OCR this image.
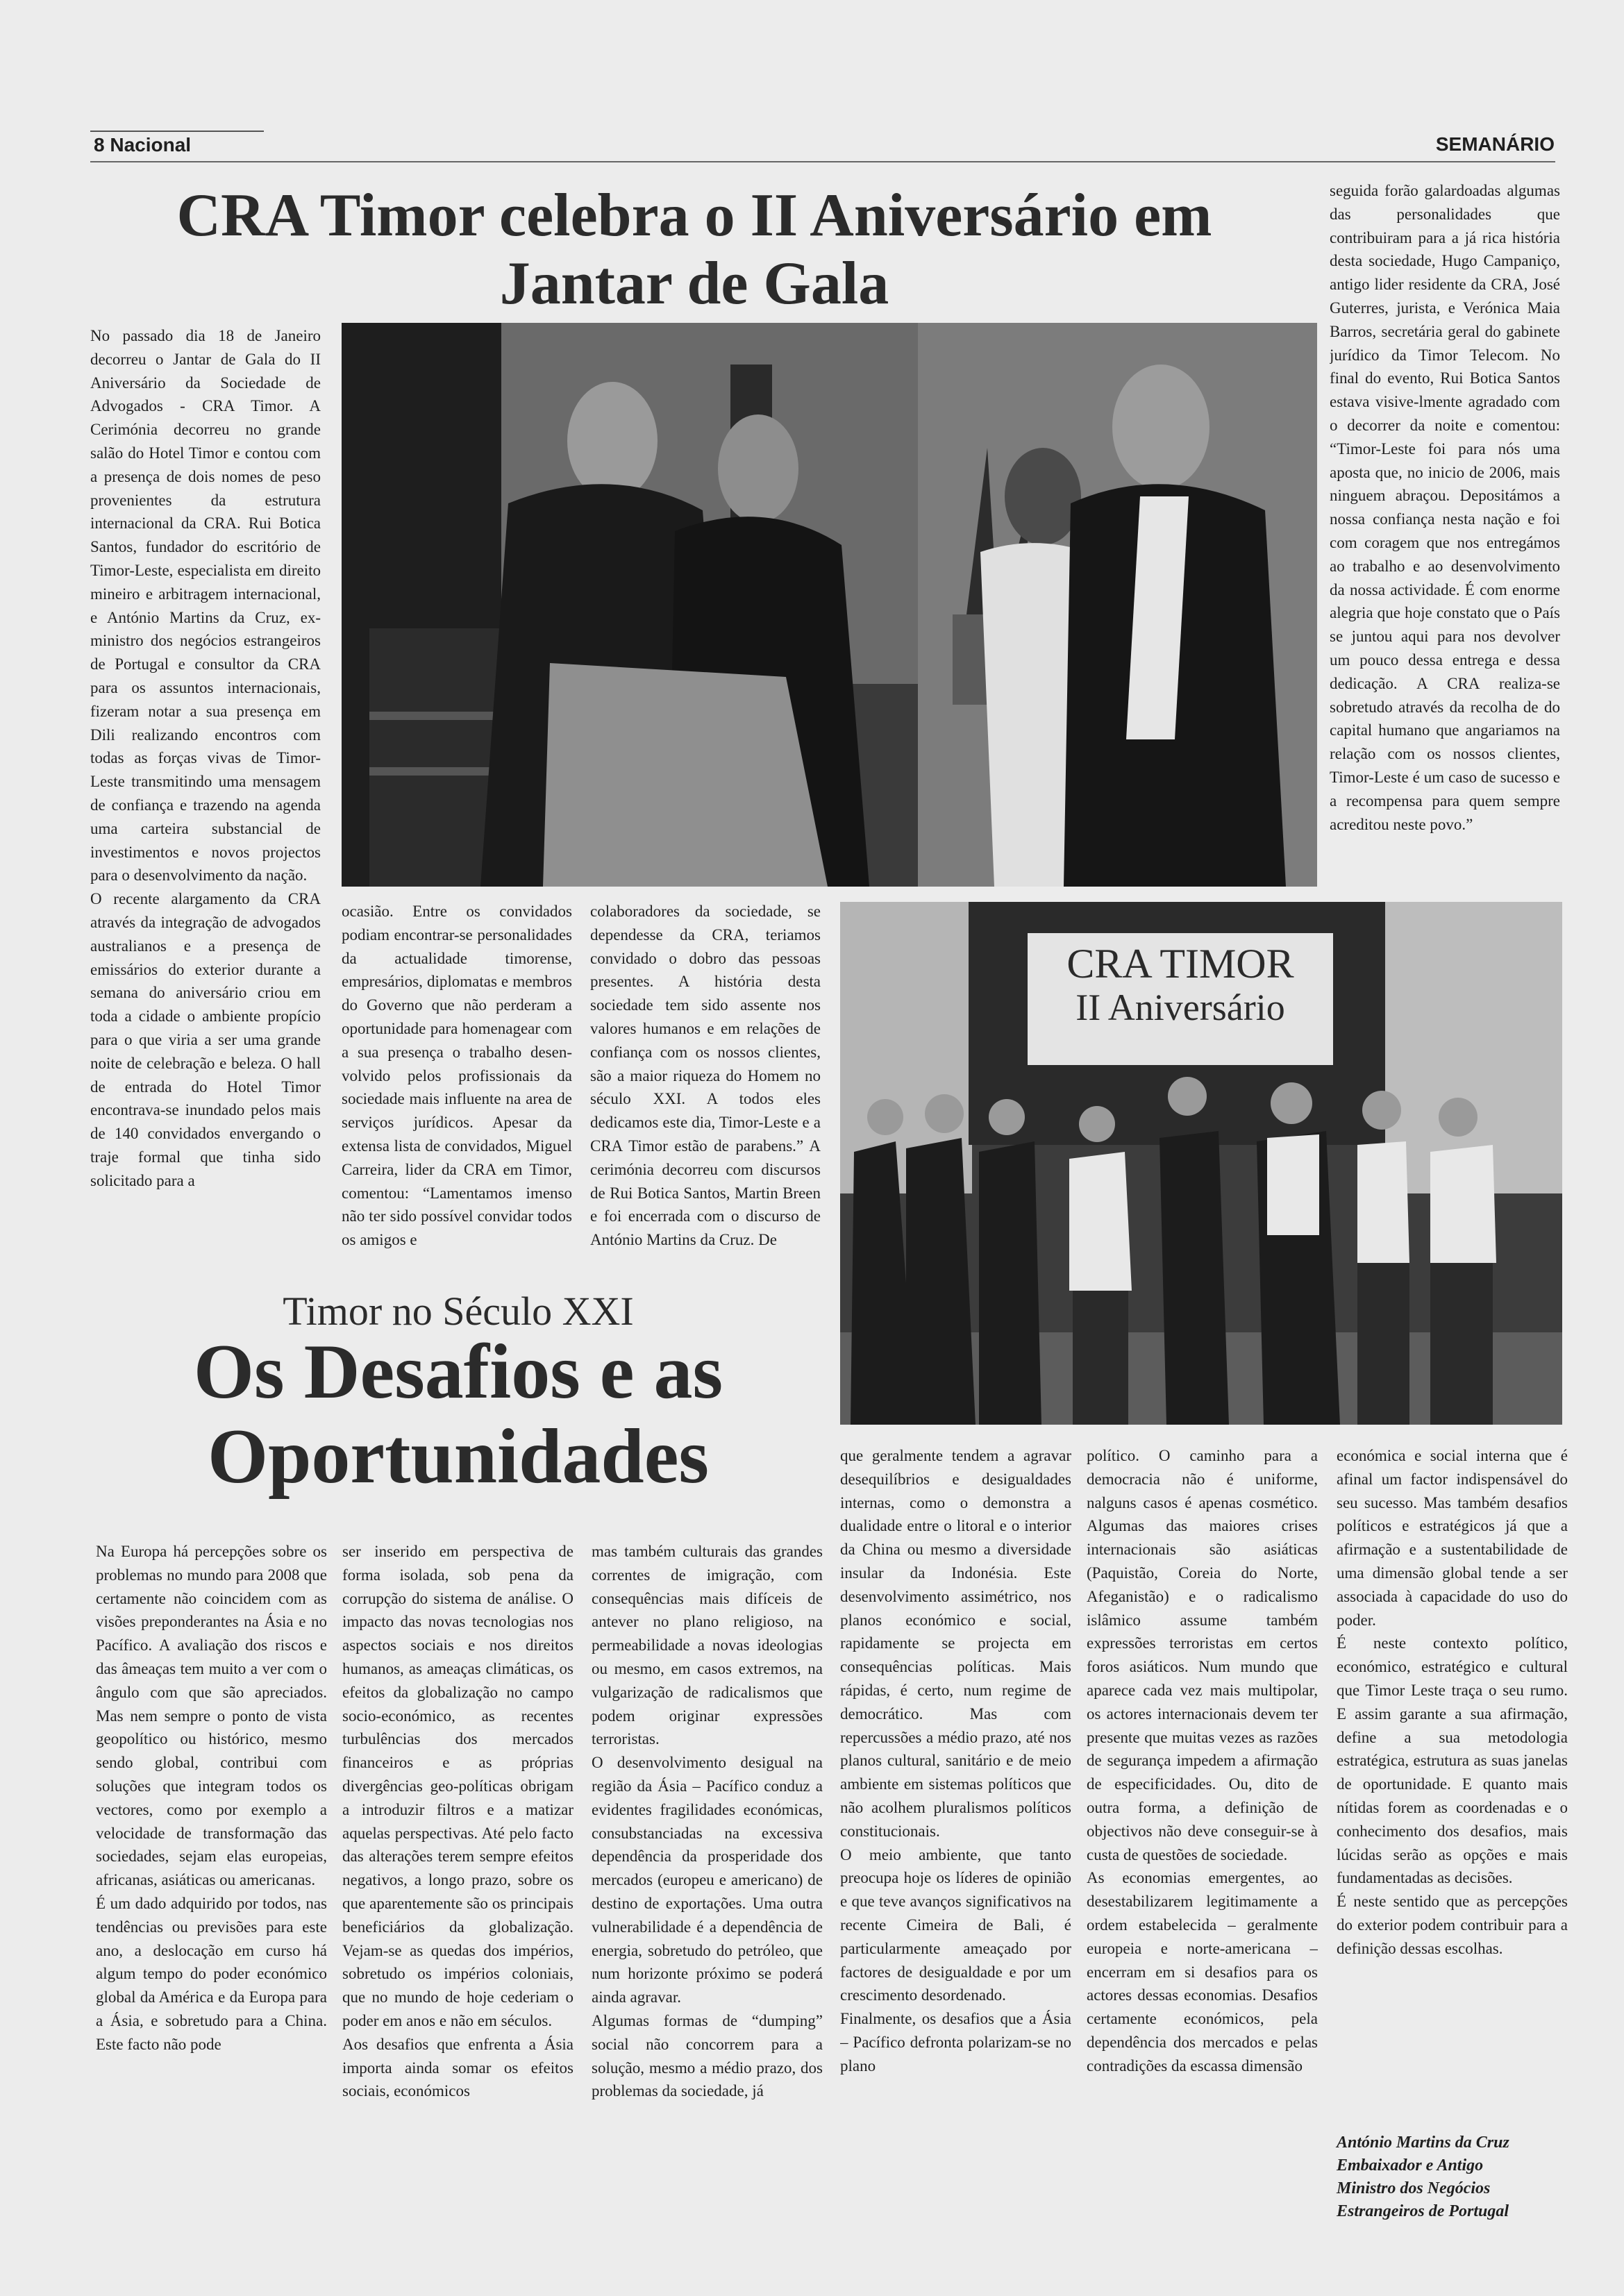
8 Nacional	SEMANÁRIO
CRA Timor celebra o II Aniversário em Jantar de Gala

No passado dia 18 de Janeiro decorreu o Jantar de Gala do II Aniversário da Sociedade de Advogados - CRA Timor. A Cerimónia decorreu no grande salão do Hotel Timor e contou com a presença de dois nomes de peso provenientes da estrutura internacional da CRA. Rui Botica Santos, fundador do escritório de Timor-Leste, especialista em direito mineiro e arbitragem internacional, e António Martins da Cruz, ex-ministro dos negócios estrangeiros de Portugal e consultor da CRA para os assuntos internacionais, fizeram notar a sua presença em Dili realizando encontros com todas as forças vivas de Timor-Leste transmitindo uma mensagem de confiança e trazendo na agenda uma carteira substancial de investimentos e novos projectos para o desenvolvimento da nação.

O recente alargamento da CRA através da integração de advogados australianos e a presença de emissários do exterior durante a semana do aniversário criou em toda a cidade o ambiente propício para o que viria a ser uma grande noite de celebração e beleza. O hall de entrada do Hotel Timor encontrava-se inundado pelos mais de 140 convidados envergando o traje formal que tinha sido solicitado para a

ocasião. Entre os convidados podiam encontrar-se personalidades da actualidade timorense, empresários, diplomatas e membros do Governo que não perderam a oportunidade para homenagear com a sua presença o trabalho desen-volvido pelos profissionais da sociedade mais influente na area de serviços jurídicos. Apesar da extensa lista de convidados, Miguel Carreira, lider da CRA em Timor, comentou: “Lamentamos imenso não ter sido possível convidar todos os amigos e

colaboradores da sociedade, se dependesse da CRA, teriamos convidado o dobro das pessoas presentes. A história desta sociedade tem sido assente nos valores humanos e em relações de confiança com os nossos clientes, são a maior riqueza do Homem no século XXI. A todos eles dedicamos este dia, Timor-Leste e a CRA Timor estão de parabens.” A cerimónia decorreu com discursos de Rui Botica Santos, Martin Breen e foi encerrada com o discurso de António Martins da Cruz. De

seguida forão galardoadas algumas das personalidades que contribuiram para a já rica história desta sociedade, Hugo Campaniço, antigo lider residente da CRA, José Guterres, jurista, e Verónica Maia Barros, secretária geral do gabinete jurídico da Timor Telecom. No final do evento, Rui Botica Santos estava visive-lmente agradado com o decorrer da noite e comentou: “Timor-Leste foi para nós uma aposta que, no inicio de 2006, mais ninguem abraçou. Depositámos a nossa confiança nesta nação e foi com coragem que nos entregámos ao trabalho e ao desenvolvimento da nossa actividade. É com enorme alegria que hoje constato que o País se juntou aqui para nos devolver um pouco dessa entrega e dessa dedicação. A CRA realiza-se sobretudo através da recolha de do capital humano que angariamos na relação com os nossos clientes, Timor-Leste é um caso de sucesso e a recompensa para quem sempre acreditou neste povo.”

CRA TIMOR
II Aniversário
Timor no Século XXI
Os Desafios e as Oportunidades

Na Europa há percepções sobre os problemas no mundo para 2008 que certamente não coincidem com as visões preponderantes na Ásia e no Pacífico. A avaliação dos riscos e das âmeaças tem muito a ver com o ângulo com que são apreciados. Mas nem sempre o ponto de vista geopolítico ou histórico, mesmo sendo global, contribui com soluções que integram todos os vectores, como por exemplo a velocidade de transformação das sociedades, sejam elas europeias, africanas, asiáticas ou americanas.

É um dado adquirido por todos, nas tendências ou previsões para este ano, a deslocação em curso há algum tempo do poder económico global da América e da Europa para a Ásia, e sobretudo para a China. Este facto não pode

ser inserido em perspectiva de forma isolada, sob pena da corrupção do sistema de análise. O impacto das novas tecnologias nos aspectos sociais e nos direitos humanos, as ameaças climáticas, os efeitos da globalização no campo socio-económico, as recentes turbulências dos mercados financeiros e as próprias divergências geo-políticas obrigam a introduzir filtros e a matizar aquelas perspectivas. Até pelo facto das alterações terem sempre efeitos negativos, a longo prazo, sobre os que aparentemente são os principais beneficiários da globalização. Vejam-se as quedas dos impérios, sobretudo os impérios coloniais, que no mundo de hoje cederiam o poder em anos e não em séculos.

Aos desafios que enfrenta a Ásia importa ainda somar os efeitos sociais, económicos

mas também culturais das grandes correntes de imigração, com consequências mais difíceis de antever no plano religioso, na permeabilidade a novas ideologias ou mesmo, em casos extremos, na vulgarização de radicalismos que podem originar expressões terroristas.

O desenvolvimento desigual na região da Ásia – Pacífico conduz a evidentes fragilidades económicas, consubstanciadas na excessiva dependência da prosperidade dos mercados (europeu e americano) de destino de exportações. Uma outra vulnerabilidade é a dependência de energia, sobretudo do petróleo, que num horizonte próximo se poderá ainda agravar.

Algumas formas de “dumping” social não concorrem para a solução, mesmo a médio prazo, dos problemas da sociedade, já

que geralmente tendem a agravar desequilíbrios e desigualdades internas, como o demonstra a dualidade entre o litoral e o interior da China ou mesmo a diversidade insular da Indonésia. Este desenvolvimento assimétrico, nos planos económico e social, rapidamente se projecta em consequências políticas. Mais rápidas, é certo, num regime de democrático. Mas com repercussões a médio prazo, até nos planos cultural, sanitário e de meio ambiente em sistemas políticos que não acolhem pluralismos políticos constitucionais.

O meio ambiente, que tanto preocupa hoje os líderes de opinião e que teve avanços significativos na recente Cimeira de Bali, é particularmente ameaçado por factores de desigualdade e por um crescimento desordenado.

Finalmente, os desafios que a Ásia – Pacífico defronta polarizam-se no plano

político. O caminho para a democracia não é uniforme, nalguns casos é apenas cosmético. Algumas das maiores crises internacionais são asiáticas (Paquistão, Coreia do Norte, Afeganistão) e o radicalismo islâmico assume também expressões terroristas em certos foros asiáticos. Num mundo que aparece cada vez mais multipolar, os actores internacionais devem ter presente que muitas vezes as razões de segurança impedem a afirmação de especificidades. Ou, dito de outra forma, a definição de objectivos não deve conseguir-se à custa de questões de sociedade.

As economias emergentes, ao desestabilizarem legitimamente a ordem estabelecida – geralmente europeia e norte-americana – encerram em si desafios para os actores dessas economias. Desafios certamente económicos, pela dependência dos mercados e pelas contradições da escassa dimensão

económica e social interna que é afinal um factor indispensável do seu sucesso. Mas também desafios políticos e estratégicos já que a afirmação e a sustentabilidade de uma dimensão global tende a ser associada à capacidade do uso do poder.

É neste contexto político, económico, estratégico e cultural que Timor Leste traça o seu rumo. E assim garante a sua afirmação, define a sua metodologia estratégica, estrutura as suas janelas de oportunidade. E quanto mais nítidas forem as coordenadas e o conhecimento dos desafios, mais lúcidas serão as opções e mais fundamentadas as decisões.

É neste sentido que as percepções do exterior podem contribuir para a definição dessas escolhas.

António Martins da Cruz
Embaixador e Antigo
Ministro dos Negócios
Estrangeiros de Portugal
